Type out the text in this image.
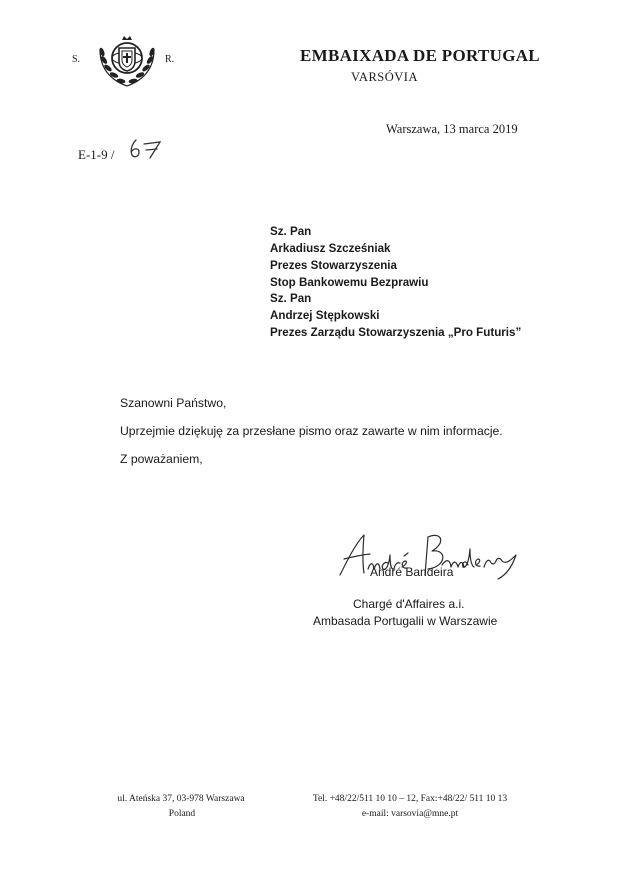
S.	R.	EMBAIXADA DE PORTUGAL
VARSÓVIA
Warszawa, 13 marca 2019
E-1-9 /
Sz. Pan
Arkadiusz Szcześniak
Prezes Stowarzyszenia
Stop Bankowemu Bezprawiu
Sz. Pan
Andrzej Stępkowski
Prezes Zarządu Stowarzyszenia „Pro Futuris”
Szanowni Państwo,
Uprzejmie dziękuję za przesłane pismo oraz zawarte w nim informacje.
Z poważaniem,
André Bandeira
Chargé d'Affaires a.i.
Ambasada Portugalii w Warszawie
ul. Ateńska 37, 03-978 Warszawa
Poland
Tel. +48/22/511 10 10 – 12, Fax:+48/22/ 511 10 13
e-mail: varsovia@mne.pt
